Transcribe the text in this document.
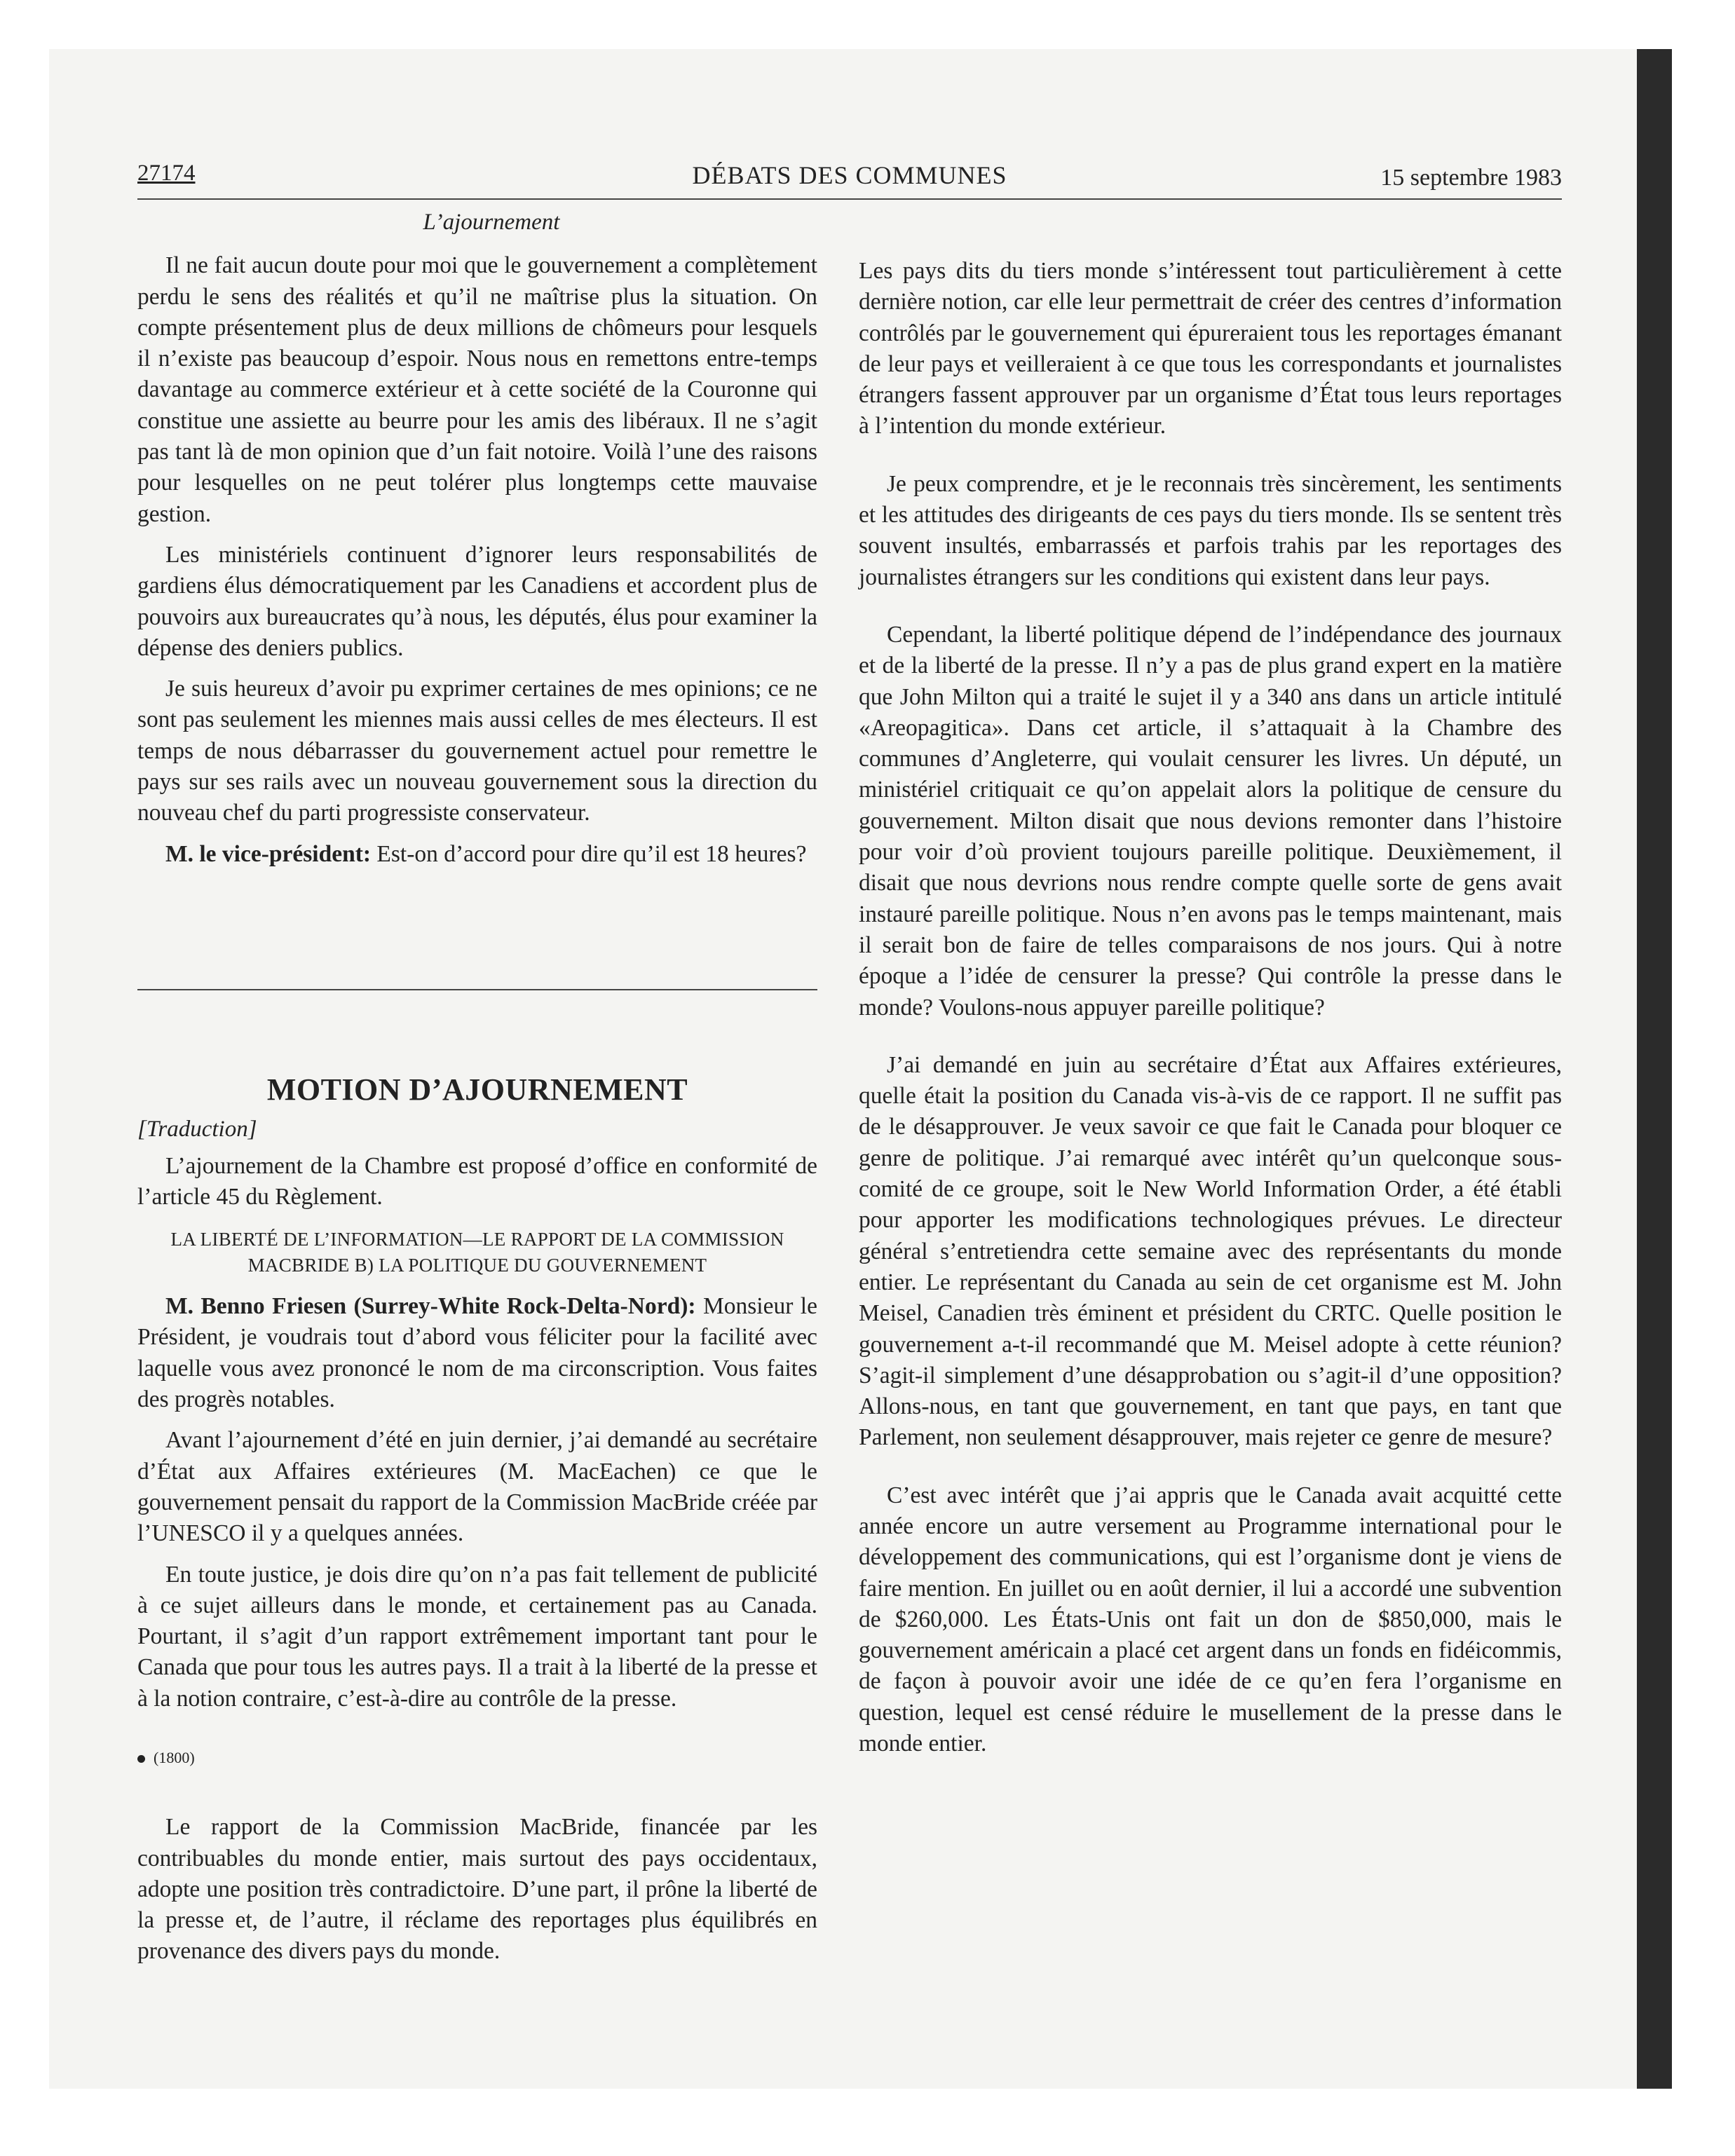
27174	DÉBATS DES COMMUNES	15 septembre 1983
L’ajournement

Il ne fait aucun doute pour moi que le gouvernement a complètement perdu le sens des réalités et qu’il ne maîtrise plus la situation. On compte présentement plus de deux millions de chômeurs pour lesquels il n’existe pas beaucoup d’espoir. Nous nous en remettons entre-temps davantage au commerce extérieur et à cette société de la Couronne qui constitue une assiette au beurre pour les amis des libéraux. Il ne s’agit pas tant là de mon opinion que d’un fait notoire. Voilà l’une des raisons pour lesquelles on ne peut tolérer plus longtemps cette mauvaise gestion.

Les ministériels continuent d’ignorer leurs responsabilités de gardiens élus démocratiquement par les Canadiens et accordent plus de pouvoirs aux bureaucrates qu’à nous, les députés, élus pour examiner la dépense des deniers publics.

Je suis heureux d’avoir pu exprimer certaines de mes opinions; ce ne sont pas seulement les miennes mais aussi celles de mes électeurs. Il est temps de nous débarrasser du gouvernement actuel pour remettre le pays sur ses rails avec un nouveau gouvernement sous la direction du nouveau chef du parti progressiste conservateur.

M. le vice-président: Est-on d’accord pour dire qu’il est 18 heures?

MOTION D’AJOURNEMENT
[Traduction]

L’ajournement de la Chambre est proposé d’office en conformité de l’article 45 du Règlement.

LA LIBERTÉ DE L’INFORMATION—LE RAPPORT DE LA COMMISSION MACBRIDE B) LA POLITIQUE DU GOUVERNEMENT

M. Benno Friesen (Surrey-White Rock-Delta-Nord): Monsieur le Président, je voudrais tout d’abord vous féliciter pour la facilité avec laquelle vous avez prononcé le nom de ma circonscription. Vous faites des progrès notables.

Avant l’ajournement d’été en juin dernier, j’ai demandé au secrétaire d’État aux Affaires extérieures (M. MacEachen) ce que le gouvernement pensait du rapport de la Commission MacBride créée par l’UNESCO il y a quelques années.

En toute justice, je dois dire qu’on n’a pas fait tellement de publicité à ce sujet ailleurs dans le monde, et certainement pas au Canada. Pourtant, il s’agit d’un rapport extrêmement important tant pour le Canada que pour tous les autres pays. Il a trait à la liberté de la presse et à la notion contraire, c’est-à-dire au contrôle de la presse.

(1800)

Le rapport de la Commission MacBride, financée par les contribuables du monde entier, mais surtout des pays occidentaux, adopte une position très contradictoire. D’une part, il prône la liberté de la presse et, de l’autre, il réclame des reportages plus équilibrés en provenance des divers pays du monde.

Les pays dits du tiers monde s’intéressent tout particulièrement à cette dernière notion, car elle leur permettrait de créer des centres d’information contrôlés par le gouvernement qui épureraient tous les reportages émanant de leur pays et veilleraient à ce que tous les correspondants et journalistes étrangers fassent approuver par un organisme d’État tous leurs reportages à l’intention du monde extérieur.

Je peux comprendre, et je le reconnais très sincèrement, les sentiments et les attitudes des dirigeants de ces pays du tiers monde. Ils se sentent très souvent insultés, embarrassés et parfois trahis par les reportages des journalistes étrangers sur les conditions qui existent dans leur pays.

Cependant, la liberté politique dépend de l’indépendance des journaux et de la liberté de la presse. Il n’y a pas de plus grand expert en la matière que John Milton qui a traité le sujet il y a 340 ans dans un article intitulé «Areopagitica». Dans cet article, il s’attaquait à la Chambre des communes d’Angleterre, qui voulait censurer les livres. Un député, un ministériel critiquait ce qu’on appelait alors la politique de censure du gouvernement. Milton disait que nous devions remonter dans l’histoire pour voir d’où provient toujours pareille politique. Deuxièmement, il disait que nous devrions nous rendre compte quelle sorte de gens avait instauré pareille politique. Nous n’en avons pas le temps maintenant, mais il serait bon de faire de telles comparaisons de nos jours. Qui à notre époque a l’idée de censurer la presse? Qui contrôle la presse dans le monde? Voulons-nous appuyer pareille politique?

J’ai demandé en juin au secrétaire d’État aux Affaires extérieures, quelle était la position du Canada vis-à-vis de ce rapport. Il ne suffit pas de le désapprouver. Je veux savoir ce que fait le Canada pour bloquer ce genre de politique. J’ai remarqué avec intérêt qu’un quelconque sous-comité de ce groupe, soit le New World Information Order, a été établi pour apporter les modifications technologiques prévues. Le directeur général s’entretiendra cette semaine avec des représentants du monde entier. Le représentant du Canada au sein de cet organisme est M. John Meisel, Canadien très éminent et président du CRTC. Quelle position le gouvernement a-t-il recommandé que M. Meisel adopte à cette réunion? S’agit-il simplement d’une désapprobation ou s’agit-il d’une opposition? Allons-nous, en tant que gouvernement, en tant que pays, en tant que Parlement, non seulement désapprouver, mais rejeter ce genre de mesure?

C’est avec intérêt que j’ai appris que le Canada avait acquitté cette année encore un autre versement au Programme international pour le développement des communications, qui est l’organisme dont je viens de faire mention. En juillet ou en août dernier, il lui a accordé une subvention de $260,000. Les États-Unis ont fait un don de $850,000, mais le gouvernement américain a placé cet argent dans un fonds en fidéicommis, de façon à pouvoir avoir une idée de ce qu’en fera l’organisme en question, lequel est censé réduire le musellement de la presse dans le monde entier.
